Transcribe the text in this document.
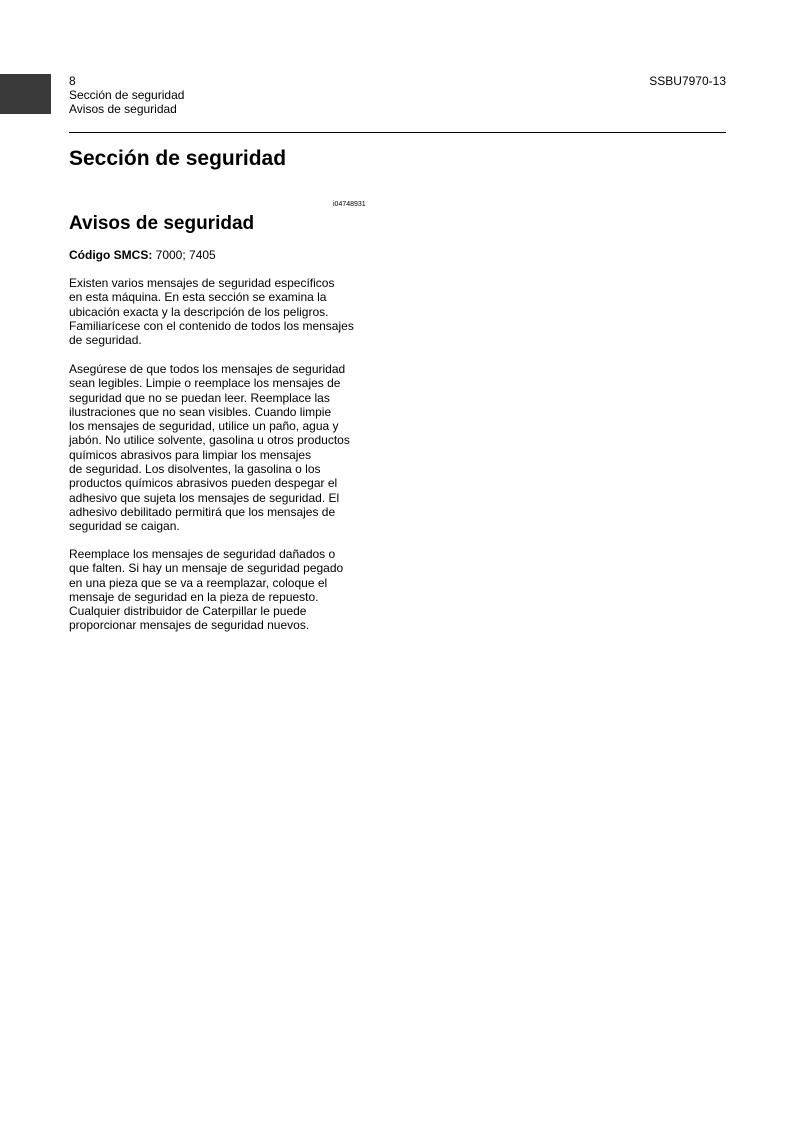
8
Sección de seguridad
Avisos de seguridad
SSBU7970-13
Sección de seguridad
i04748931
Avisos de seguridad
Código SMCS: 7000; 7405

Existen varios mensajes de seguridad específicos
en esta máquina. En esta sección se examina la
ubicación exacta y la descripción de los peligros.
Familiarícese con el contenido de todos los mensajes
de seguridad.

Asegúrese de que todos los mensajes de seguridad
sean legibles. Limpie o reemplace los mensajes de
seguridad que no se puedan leer. Reemplace las
ilustraciones que no sean visibles. Cuando limpie
los mensajes de seguridad, utilice un paño, agua y
jabón. No utilice solvente, gasolina u otros productos
químicos abrasivos para limpiar los mensajes
de seguridad. Los disolventes, la gasolina o los
productos químicos abrasivos pueden despegar el
adhesivo que sujeta los mensajes de seguridad. El
adhesivo debilitado permitirá que los mensajes de
seguridad se caigan.

Reemplace los mensajes de seguridad dañados o
que falten. Si hay un mensaje de seguridad pegado
en una pieza que se va a reemplazar, coloque el
mensaje de seguridad en la pieza de repuesto.
Cualquier distribuidor de Caterpillar le puede
proporcionar mensajes de seguridad nuevos.
